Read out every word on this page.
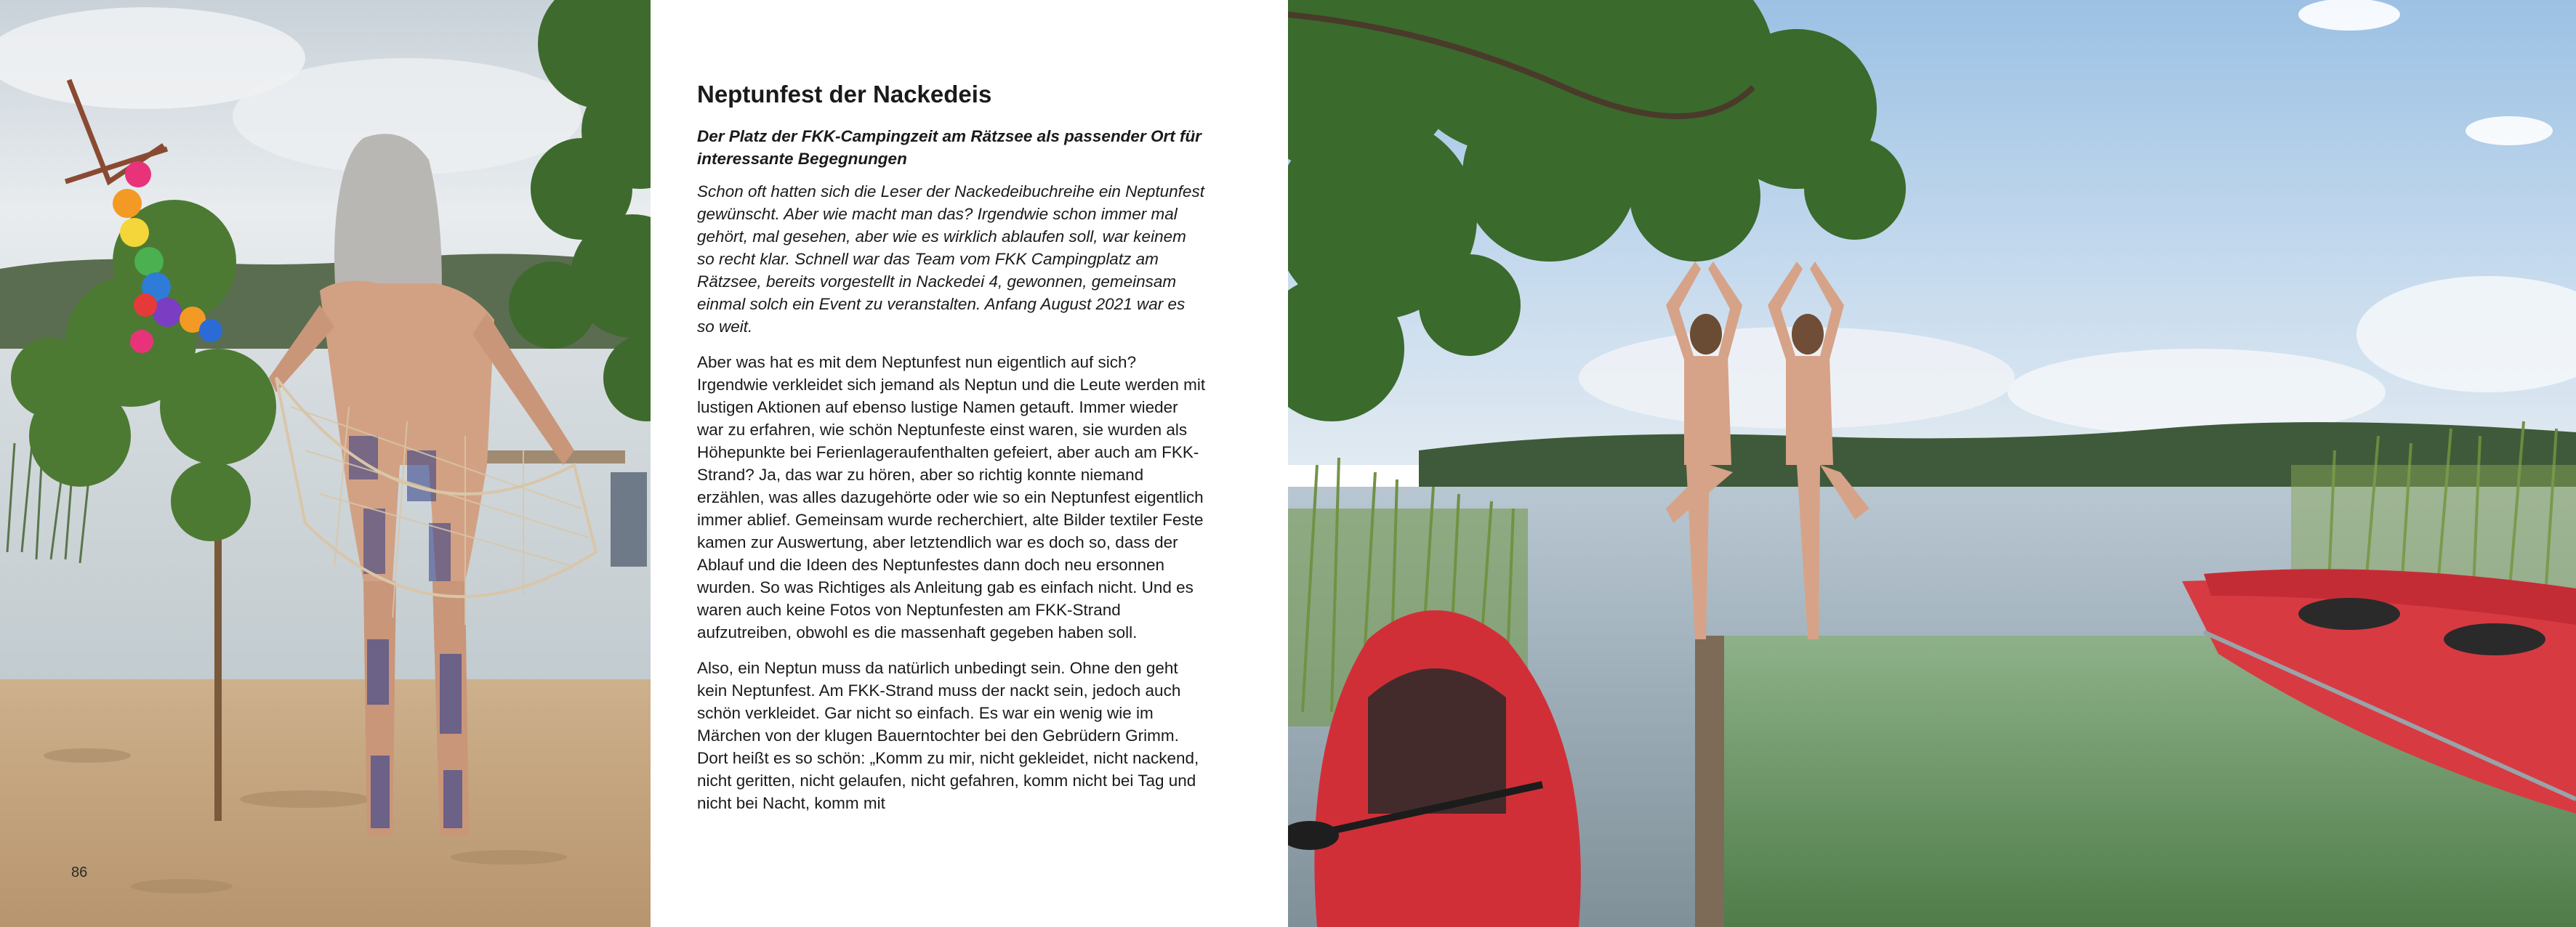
86
Neptunfest der Nackedeis

Der Platz der FKK-Campingzeit am Rätzsee als passender Ort für interessante Begegnungen

Schon oft hatten sich die Leser der Nackedeibuchreihe ein Neptunfest gewünscht. Aber wie macht man das? Irgendwie schon immer mal gehört, mal gesehen, aber wie es wirklich ablaufen soll, war keinem so recht klar. Schnell war das Team vom FKK Campingplatz am Rätzsee, bereits vorgestellt in Nackedei 4, gewonnen, gemeinsam einmal solch ein Event zu veranstalten. Anfang August 2021 war es so weit.

Aber was hat es mit dem Neptunfest nun eigentlich auf sich? Irgendwie verkleidet sich jemand als Neptun und die Leute werden mit lustigen Aktionen auf ebenso lustige Namen getauft. Immer wieder war zu erfahren, wie schön Neptunfeste einst waren, sie wurden als Höhepunkte bei Ferienlageraufenthalten gefeiert, aber auch am FKK-Strand? Ja, das war zu hören, aber so richtig konnte niemand erzählen, was alles dazugehörte oder wie so ein Neptunfest eigentlich immer ablief. Gemeinsam wurde recherchiert, alte Bilder textiler Feste kamen zur Auswertung, aber letztendlich war es doch so, dass der Ablauf und die Ideen des Neptunfestes dann doch neu ersonnen wurden. So was Richtiges als Anleitung gab es einfach nicht. Und es waren auch keine Fotos von Neptunfesten am FKK-Strand aufzutreiben, obwohl es die massenhaft gegeben haben soll.

Also, ein Neptun muss da natürlich unbedingt sein. Ohne den geht kein Neptunfest. Am FKK-Strand muss der nackt sein, jedoch auch schön verkleidet. Gar nicht so einfach. Es war ein wenig wie im Märchen von der klugen Bauerntochter bei den Gebrüdern Grimm. Dort heißt es so schön: „Komm zu mir, nicht gekleidet, nicht nackend, nicht geritten, nicht gelaufen, nicht gefahren, komm nicht bei Tag und nicht bei Nacht, komm mit
